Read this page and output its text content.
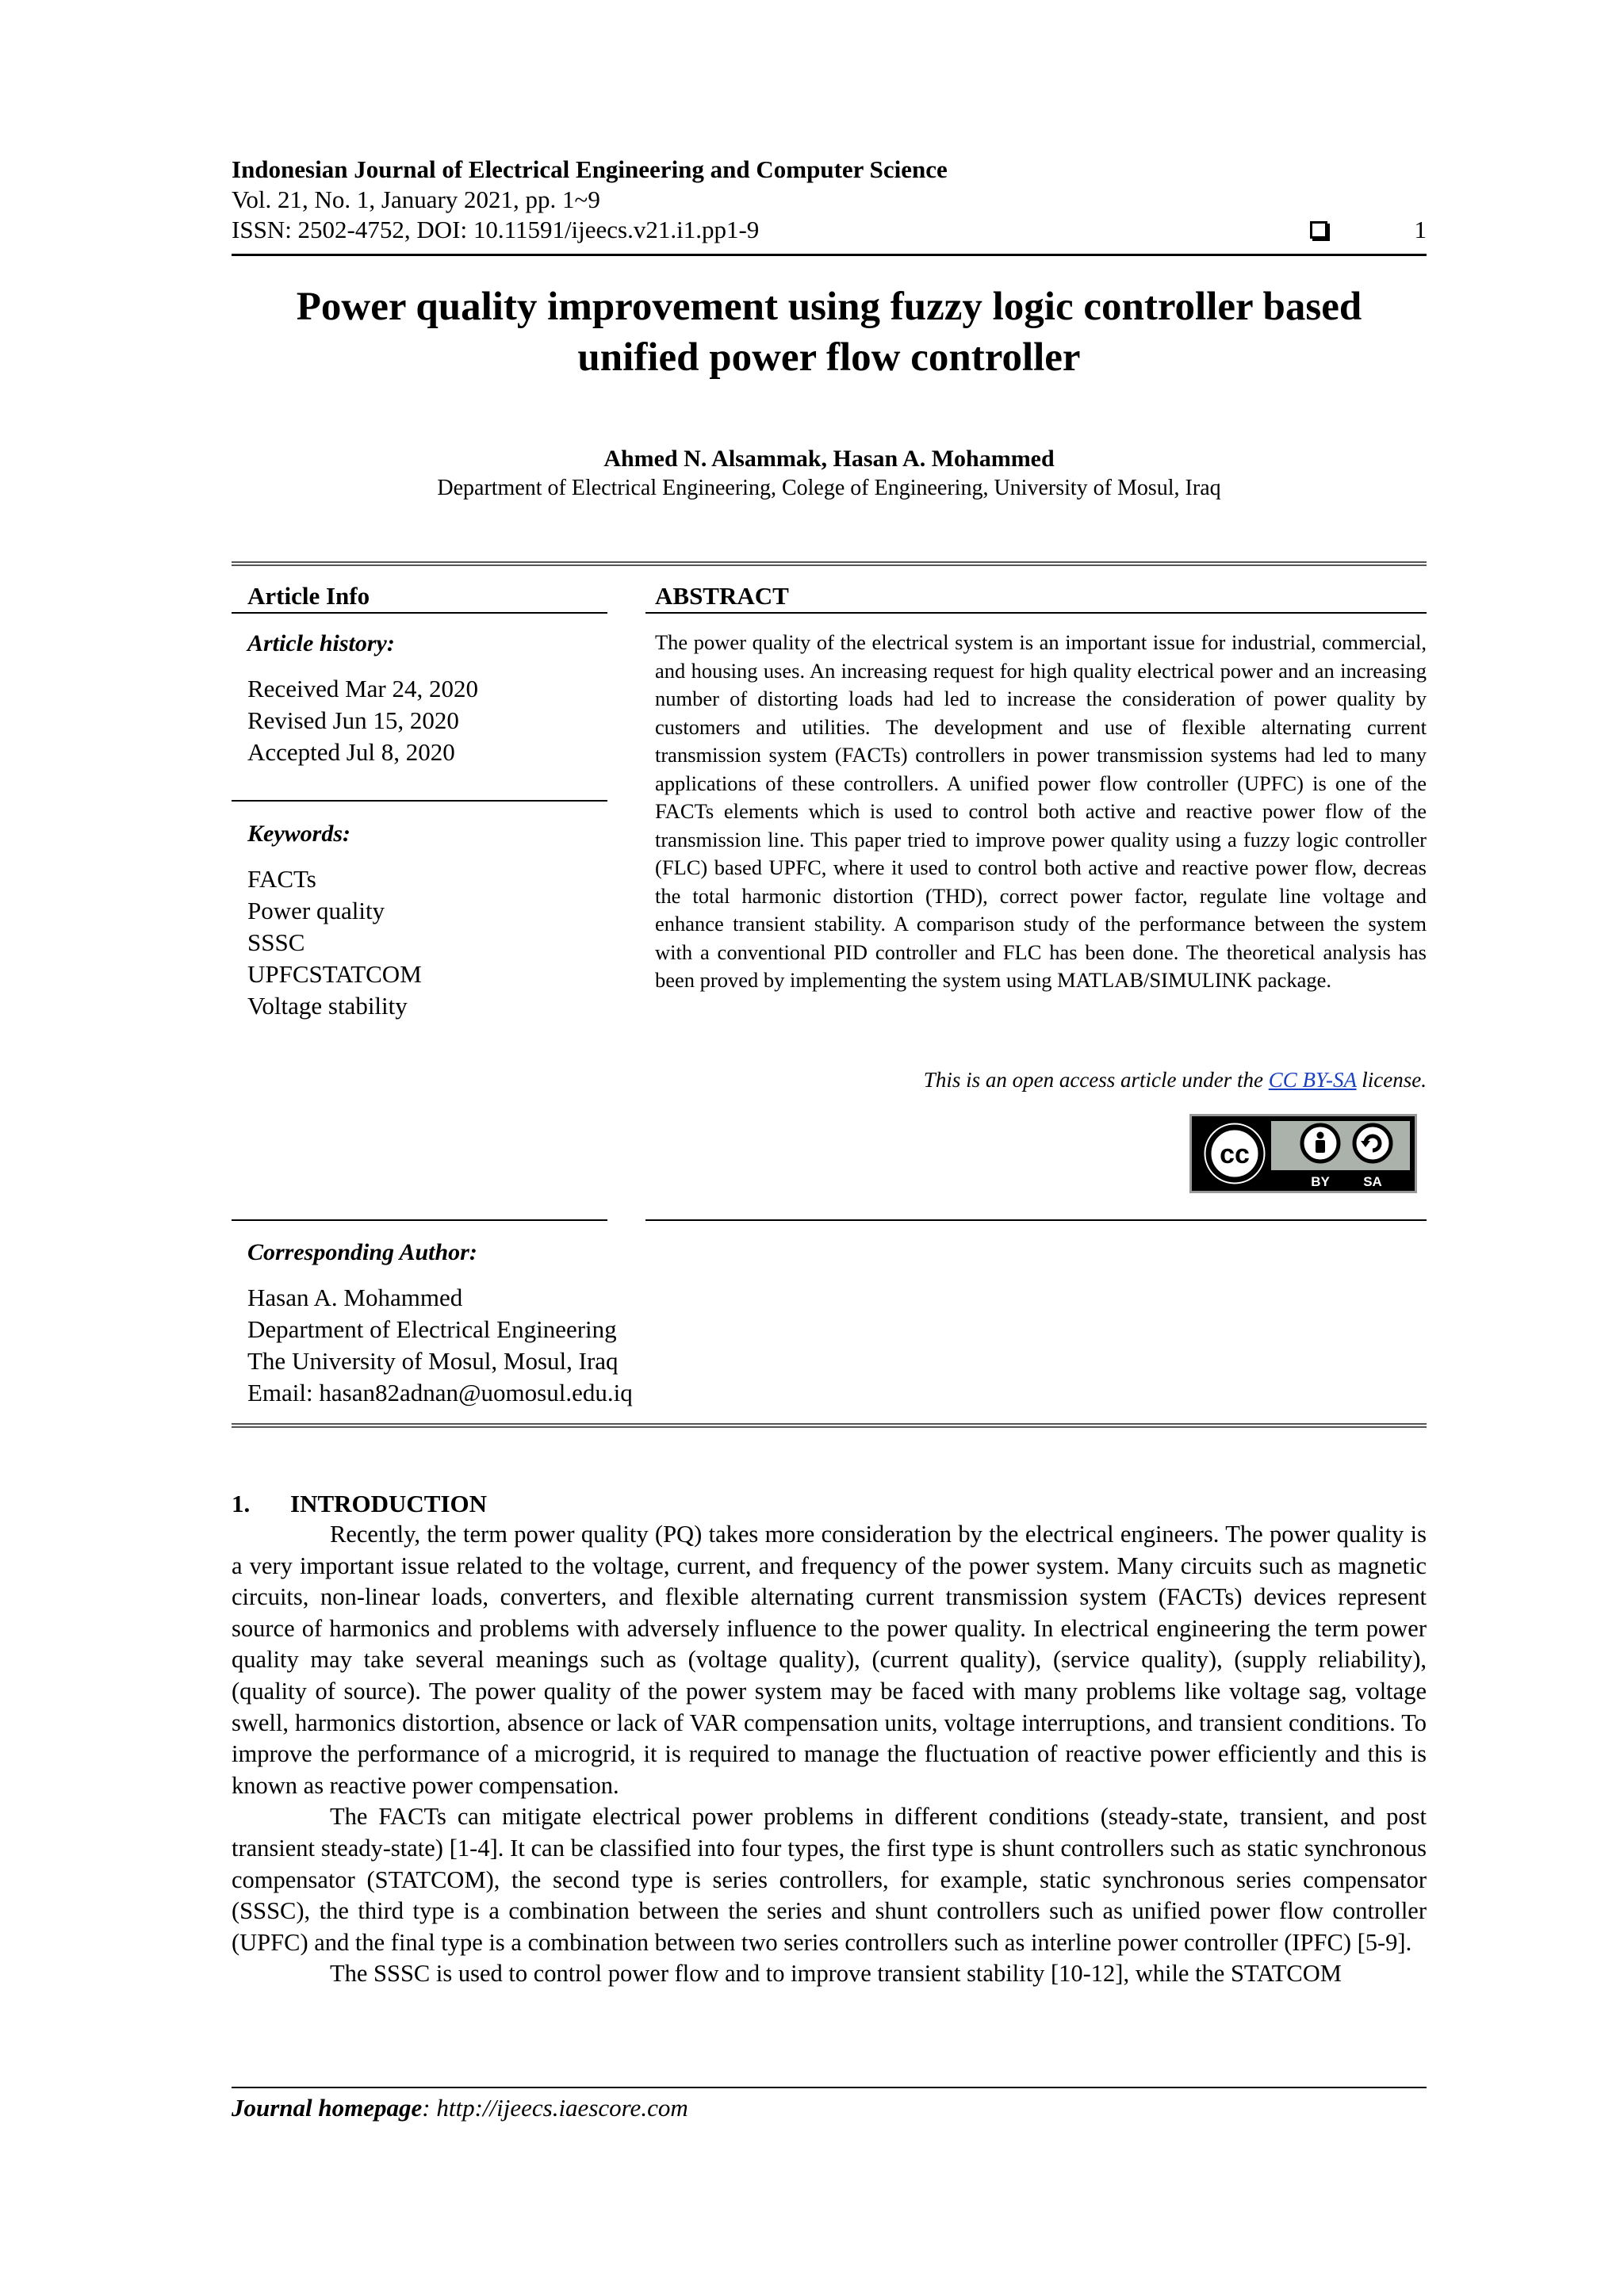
Indonesian Journal of Electrical Engineering and Computer Science
Vol. 21, No. 1, January 2021, pp. 1~9
ISSN: 2502-4752, DOI: 10.11591/ijeecs.v21.i1.pp1-9	1
Power quality improvement using fuzzy logic controller based unified power flow controller
Ahmed N. Alsammak, Hasan A. Mohammed
Department of Electrical Engineering, Colege of Engineering, University of Mosul, Iraq
Article Info	ABSTRACT
Article history:
Received Mar 24, 2020
Revised Jun 15, 2020
Accepted Jul 8, 2020
Keywords:
FACTs
Power quality
SSSC
UPFCSTATCOM
Voltage stability
The power quality of the electrical system is an important issue for industrial, commercial, and housing uses. An increasing request for high quality electrical power and an increasing number of distorting loads had led to increase the consideration of power quality by customers and utilities. The development and use of flexible alternating current transmission system (FACTs) controllers in power transmission systems had led to many applications of these controllers. A unified power flow controller (UPFC) is one of the FACTs elements which is used to control both active and reactive power flow of the transmission line. This paper tried to improve power quality using a fuzzy logic controller (FLC) based UPFC, where it used to control both active and reactive power flow, decreas the total harmonic distortion (THD), correct power factor, regulate line voltage and enhance transient stability. A comparison study of the performance between the system with a conventional PID controller and FLC has been done. The theoretical analysis has been proved by implementing the system using MATLAB/SIMULINK package.
This is an open access article under the CC BY-SA license.
cc
BY SA
Corresponding Author:
Hasan A. Mohammed
Department of Electrical Engineering
The University of Mosul, Mosul, Iraq
Email: hasan82adnan@uomosul.edu.iq
1. INTRODUCTION

Recently, the term power quality (PQ) takes more consideration by the electrical engineers. The power quality is a very important issue related to the voltage, current, and frequency of the power system. Many circuits such as magnetic circuits, non-linear loads, converters, and flexible alternating current transmission system (FACTs) devices represent source of harmonics and problems with adversely influence to the power quality. In electrical engineering the term power quality may take several meanings such as (voltage quality), (current quality), (service quality), (supply reliability), (quality of source). The power quality of the power system may be faced with many problems like voltage sag, voltage swell, harmonics distortion, absence or lack of VAR compensation units, voltage interruptions, and transient conditions. To improve the performance of a microgrid, it is required to manage the fluctuation of reactive power efficiently and this is known as reactive power compensation.

The FACTs can mitigate electrical power problems in different conditions (steady-state, transient, and post transient steady-state) [1-4]. It can be classified into four types, the first type is shunt controllers such as static synchronous compensator (STATCOM), the second type is series controllers, for example, static synchronous series compensator (SSSC), the third type is a combination between the series and shunt controllers such as unified power flow controller (UPFC) and the final type is a combination between two series controllers such as interline power controller (IPFC) [5-9].

The SSSC is used to control power flow and to improve transient stability [10-12], while the STATCOM

Journal homepage: http://ijeecs.iaescore.com
